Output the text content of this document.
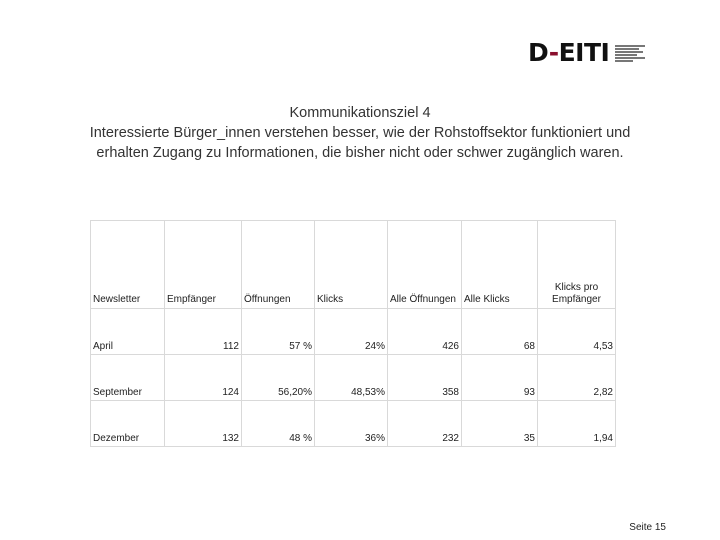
D-EITI
Kommunikationsziel 4
Interessierte Bürger_innen verstehen besser, wie der Rohstoffsektor funktioniert und
erhalten Zugang zu Informationen, die bisher nicht oder schwer zugänglich waren.
Newsletter	Empfänger	Öffnungen	Klicks	Alle Öffnungen	Alle Klicks	Klicks pro Empfänger
April	112	57 %	24%	426	68	4,53
September	124	56,20%	48,53%	358	93	2,82
Dezember	132	48 %	36%	232	35	1,94
Seite 15
